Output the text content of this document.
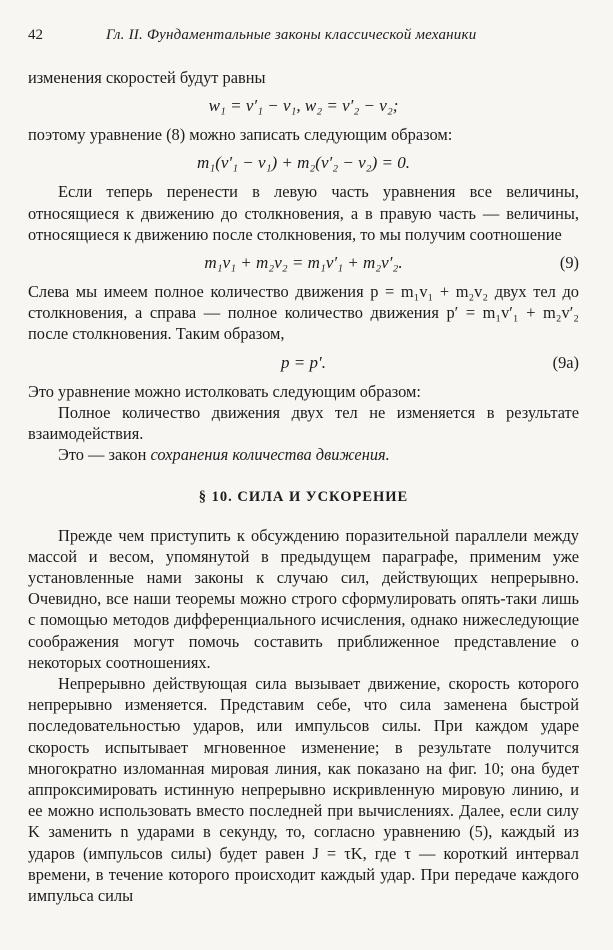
42	Гл. II. Фундаментальные законы классической механики

изменения скоростей будут равны

w₁ = v′₁ − v₁, w₂ = v′₂ − v₂;

поэтому уравнение (8) можно записать следующим образом:

m₁(v′₁ − v₁) + m₂(v′₂ − v₂) = 0.

Если теперь перенести в левую часть уравнения все величины, относящиеся к движению до столкновения, а в правую часть — величины, относящиеся к движению после столкновения, то мы получим соотношение

m₁v₁ + m₂v₂ = m₁v′₁ + m₂v′₂.	(9)

Слева мы имеем полное количество движения p = m₁v₁ + m₂v₂ двух тел до столкновения, а справа — полное количество движения p′ = m₁v′₁ + m₂v′₂ после столкновения. Таким образом,

p = p′.	(9а)

Это уравнение можно истолковать следующим образом:

Полное количество движения двух тел не изменяется в результате взаимодействия.

Это — закон сохранения количества движения.

§ 10. СИЛА И УСКОРЕНИЕ

Прежде чем приступить к обсуждению поразительной параллели между массой и весом, упомянутой в предыдущем параграфе, применим уже установленные нами законы к случаю сил, действующих непрерывно. Очевидно, все наши теоремы можно строго сформулировать опять-таки лишь с помощью методов дифференциального исчисления, однако нижеследующие соображения могут помочь составить приближенное представление о некоторых соотношениях.

Непрерывно действующая сила вызывает движение, скорость которого непрерывно изменяется. Представим себе, что сила заменена быстрой последовательностью ударов, или импульсов силы. При каждом ударе скорость испытывает мгновенное изменение; в результате получится многократно изломанная мировая линия, как показано на фиг. 10; она будет аппроксимировать истинную непрерывно искривленную мировую линию, и ее можно использовать вместо последней при вычислениях. Далее, если силу K заменить n ударами в секунду, то, согласно уравнению (5), каждый из ударов (импульсов силы) будет равен J = τK, где τ — короткий интервал времени, в течение которого происходит каждый удар. При передаче каждого импульса силы
